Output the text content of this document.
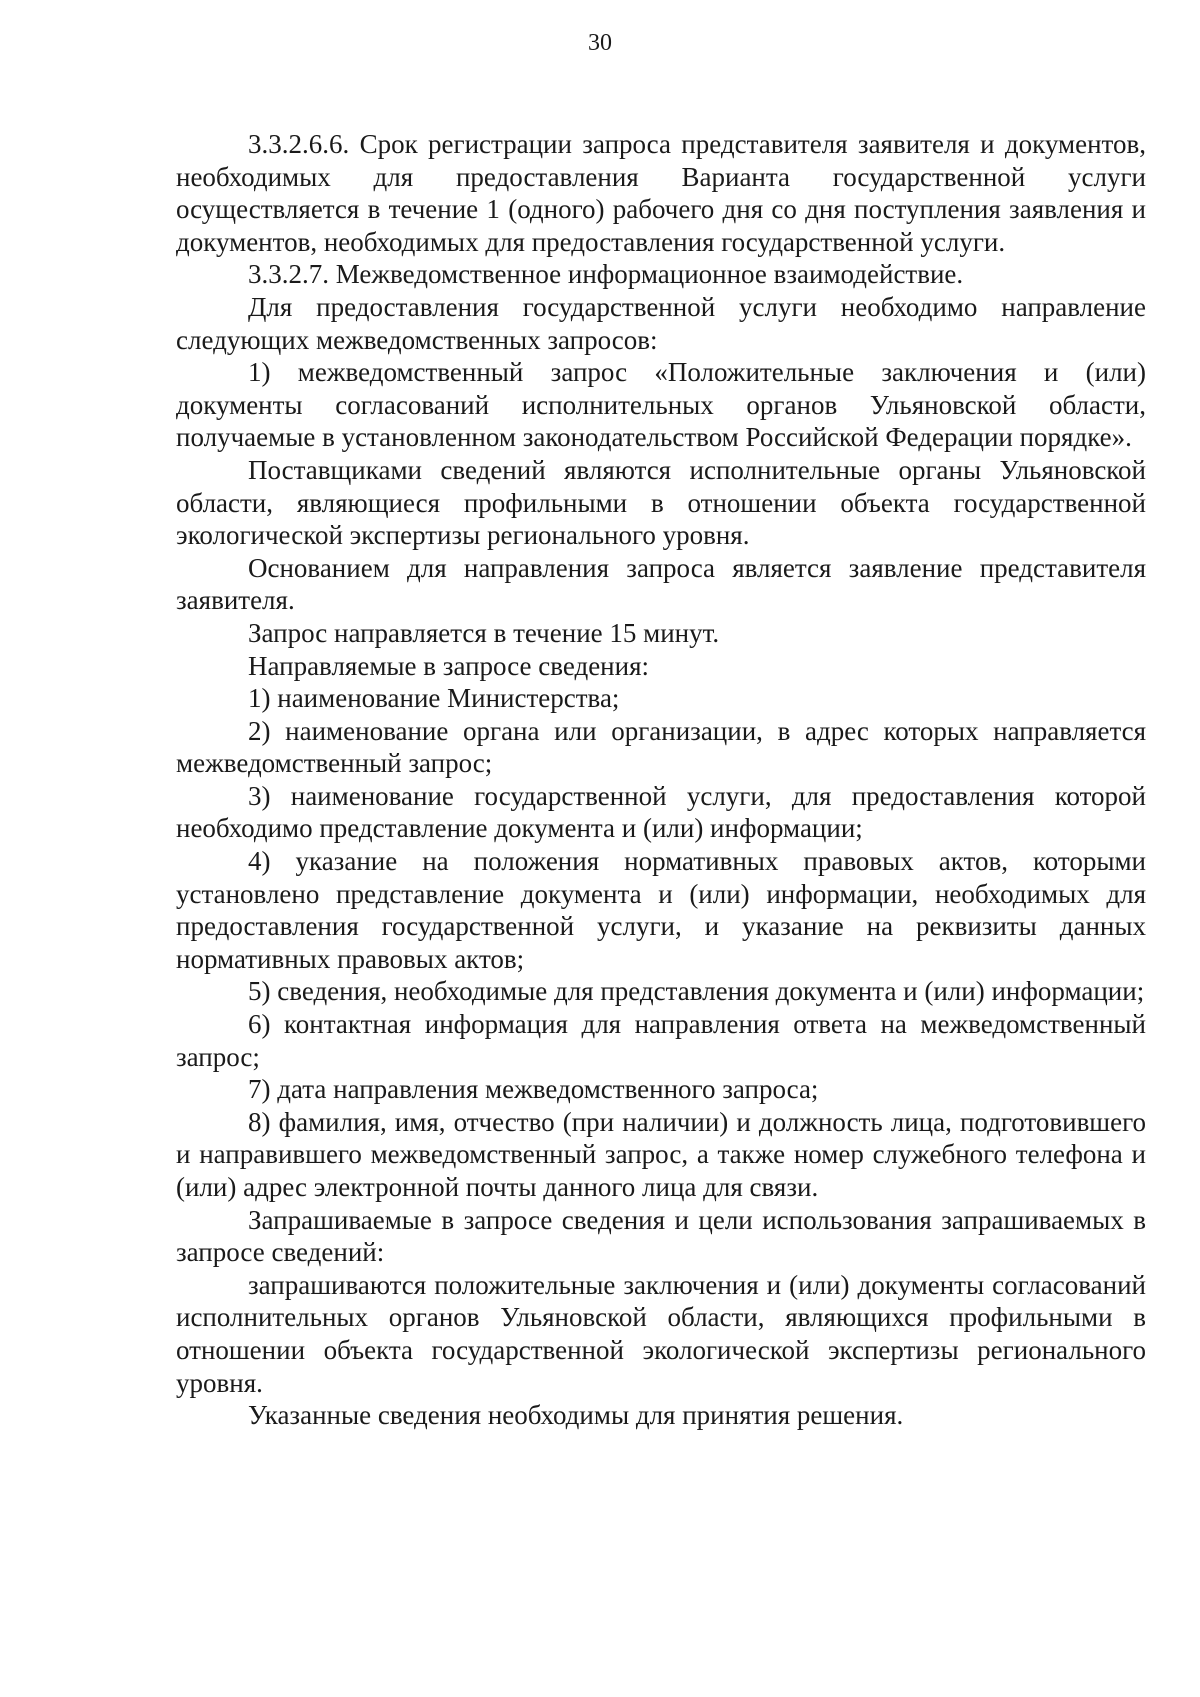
30

3.3.2.6.6. Срок регистрации запроса представителя заявителя и документов, необходимых для предоставления Варианта государственной услуги осуществляется в течение 1 (одного) рабочего дня со дня поступления заявления и документов, необходимых для предоставления государственной услуги.

3.3.2.7. Межведомственное информационное взаимодействие.

Для предоставления государственной услуги необходимо направление следующих межведомственных запросов:

1) межведомственный запрос «Положительные заключения и (или) документы согласований исполнительных органов Ульяновской области, получаемые в установленном законодательством Российской Федерации порядке».

Поставщиками сведений являются исполнительные органы Ульяновской области, являющиеся профильными в отношении объекта государственной экологической экспертизы регионального уровня.

Основанием для направления запроса является заявление представителя заявителя.

Запрос направляется в течение 15 минут.

Направляемые в запросе сведения:

1) наименование Министерства;

2) наименование органа или организации, в адрес которых направляется межведомственный запрос;

3) наименование государственной услуги, для предоставления которой необходимо представление документа и (или) информации;

4) указание на положения нормативных правовых актов, которыми установлено представление документа и (или) информации, необходимых для предоставления государственной услуги, и указание на реквизиты данных нормативных правовых актов;

5) сведения, необходимые для представления документа и (или) информации;

6) контактная информация для направления ответа на межведомственный запрос;

7) дата направления межведомственного запроса;

8) фамилия, имя, отчество (при наличии) и должность лица, подготовившего и направившего межведомственный запрос, а также номер служебного телефона и (или) адрес электронной почты данного лица для связи.

Запрашиваемые в запросе сведения и цели использования запрашиваемых в запросе сведений:

запрашиваются положительные заключения и (или) документы согласований исполнительных органов Ульяновской области, являющихся профильными в отношении объекта государственной экологической экспертизы регионального уровня.

Указанные сведения необходимы для принятия решения.
